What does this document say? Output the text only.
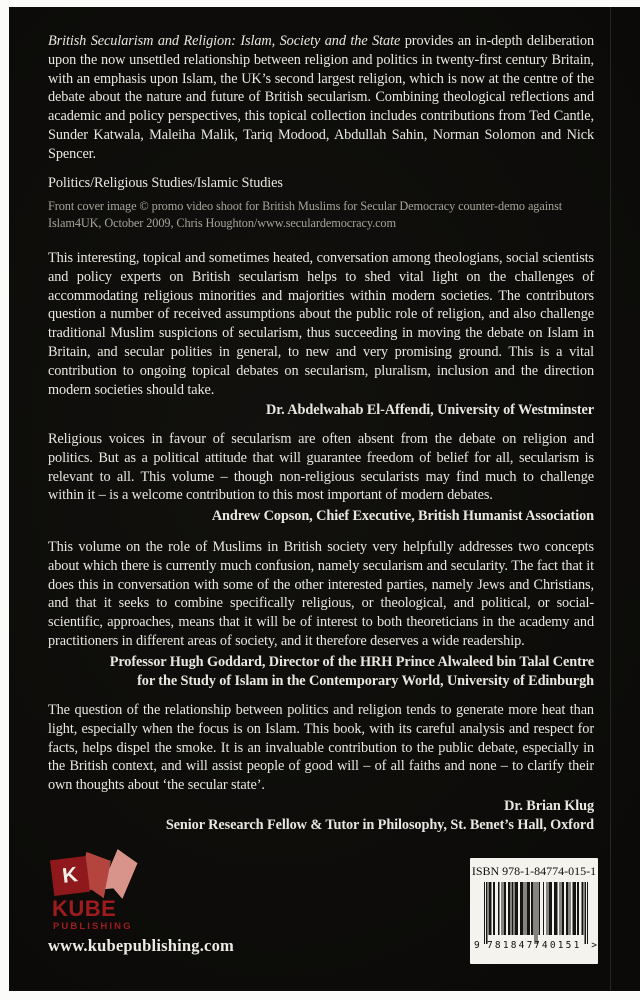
British Secularism and Religion: Islam, Society and the State provides an in-depth deliberation upon the now unsettled relationship between religion and politics in twenty-first century Britain, with an emphasis upon Islam, the UK’s second largest religion, which is now at the centre of the debate about the nature and future of British secularism. Combining theological reflections and academic and policy perspectives, this topical collection includes contributions from Ted Cantle, Sunder Katwala, Maleiha Malik, Tariq Modood, Abdullah Sahin, Norman Solomon and Nick Spencer.

Politics/Religious Studies/Islamic Studies

Front cover image © promo video shoot for British Muslims for Secular Democracy counter-demo against Islam4UK, October 2009, Chris Houghton/www.seculardemocracy.com

This interesting, topical and sometimes heated, conversation among theologians, social scientists and policy experts on British secularism helps to shed vital light on the challenges of accommodating religious minorities and majorities within modern societies. The contributors question a number of received assumptions about the public role of religion, and also challenge traditional Muslim suspicions of secularism, thus succeeding in moving the debate on Islam in Britain, and secular polities in general, to new and very promising ground. This is a vital contribution to ongoing topical debates on secularism, pluralism, inclusion and the direction modern societies should take.

Dr. Abdelwahab El-Affendi, University of Westminster

Religious voices in favour of secularism are often absent from the debate on religion and politics. But as a political attitude that will guarantee freedom of belief for all, secularism is relevant to all. This volume – though non-religious secularists may find much to challenge within it – is a welcome contribution to this most important of modern debates.

Andrew Copson, Chief Executive, British Humanist Association

This volume on the role of Muslims in British society very helpfully addresses two concepts about which there is currently much confusion, namely secularism and secularity. The fact that it does this in conversation with some of the other interested parties, namely Jews and Christians, and that it seeks to combine specifically religious, or theological, and political, or social-scientific, approaches, means that it will be of interest to both theoreticians in the academy and practitioners in different areas of society, and it therefore deserves a wide readership.

Professor Hugh Goddard, Director of the HRH Prince Alwaleed bin Talal Centre

for the Study of Islam in the Contemporary World, University of Edinburgh

The question of the relationship between politics and religion tends to generate more heat than light, especially when the focus is on Islam. This book, with its careful analysis and respect for facts, helps dispel the smoke. It is an invaluable contribution to the public debate, especially in the British context, and will assist people of good will – of all faiths and none – to clarify their own thoughts about ‘the secular state’.

Dr. Brian Klug

Senior Research Fellow & Tutor in Philosophy, St. Benet’s Hall, Oxford

K
KUBE
PUBLISHING
www.kubepublishing.com

ISBN 978-1-84774-015-1

9 781847 740151 >
